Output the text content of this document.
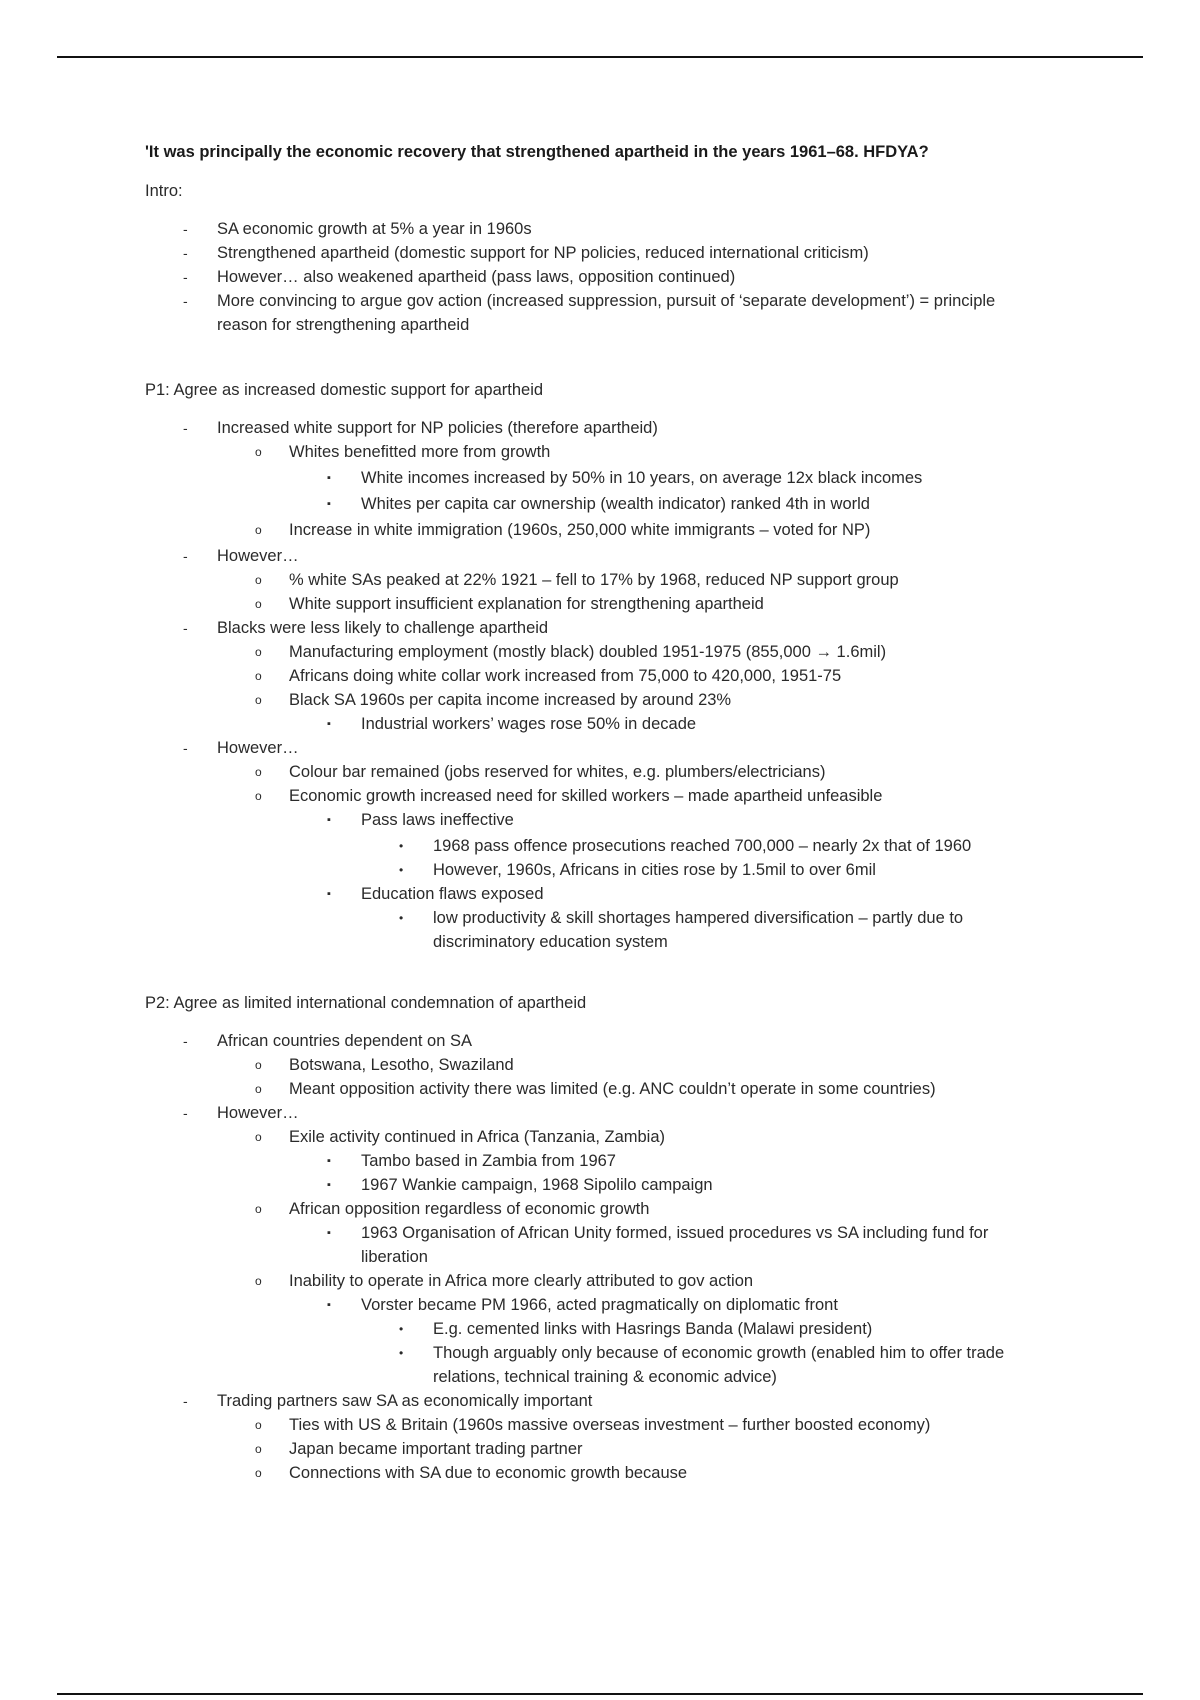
'It was principally the economic recovery that strengthened apartheid in the years 1961–68. HFDYA?

Intro:

- SA economic growth at 5% a year in 1960s
- Strengthened apartheid (domestic support for NP policies, reduced international criticism)
- However… also weakened apartheid (pass laws, opposition continued)
- More convincing to argue gov action (increased suppression, pursuit of ‘separate development’) = principle reason for strengthening apartheid

P1: Agree as increased domestic support for apartheid

- Increased white support for NP policies (therefore apartheid)
o Whites benefitted more from growth
▪ White incomes increased by 50% in 10 years, on average 12x black incomes
▪ Whites per capita car ownership (wealth indicator) ranked 4th in world
o Increase in white immigration (1960s, 250,000 white immigrants – voted for NP)
- However…
o % white SAs peaked at 22% 1921 – fell to 17% by 1968, reduced NP support group
o White support insufficient explanation for strengthening apartheid
- Blacks were less likely to challenge apartheid
o Manufacturing employment (mostly black) doubled 1951-1975 (855,000 → 1.6mil)
o Africans doing white collar work increased from 75,000 to 420,000, 1951-75
o Black SA 1960s per capita income increased by around 23%
▪ Industrial workers’ wages rose 50% in decade
- However…
o Colour bar remained (jobs reserved for whites, e.g. plumbers/electricians)
o Economic growth increased need for skilled workers – made apartheid unfeasible
▪ Pass laws ineffective
• 1968 pass offence prosecutions reached 700,000 – nearly 2x that of 1960
• However, 1960s, Africans in cities rose by 1.5mil to over 6mil
▪ Education flaws exposed
• low productivity & skill shortages hampered diversification – partly due to discriminatory education system

P2: Agree as limited international condemnation of apartheid

- African countries dependent on SA
o Botswana, Lesotho, Swaziland
o Meant opposition activity there was limited (e.g. ANC couldn’t operate in some countries)
- However…
o Exile activity continued in Africa (Tanzania, Zambia)
▪ Tambo based in Zambia from 1967
▪ 1967 Wankie campaign, 1968 Sipolilo campaign
o African opposition regardless of economic growth
▪ 1963 Organisation of African Unity formed, issued procedures vs SA including fund for liberation
o Inability to operate in Africa more clearly attributed to gov action
▪ Vorster became PM 1966, acted pragmatically on diplomatic front
• E.g. cemented links with Hasrings Banda (Malawi president)
• Though arguably only because of economic growth (enabled him to offer trade relations, technical training & economic advice)
- Trading partners saw SA as economically important
o Ties with US & Britain (1960s massive overseas investment – further boosted economy)
o Japan became important trading partner
o Connections with SA due to economic growth because
